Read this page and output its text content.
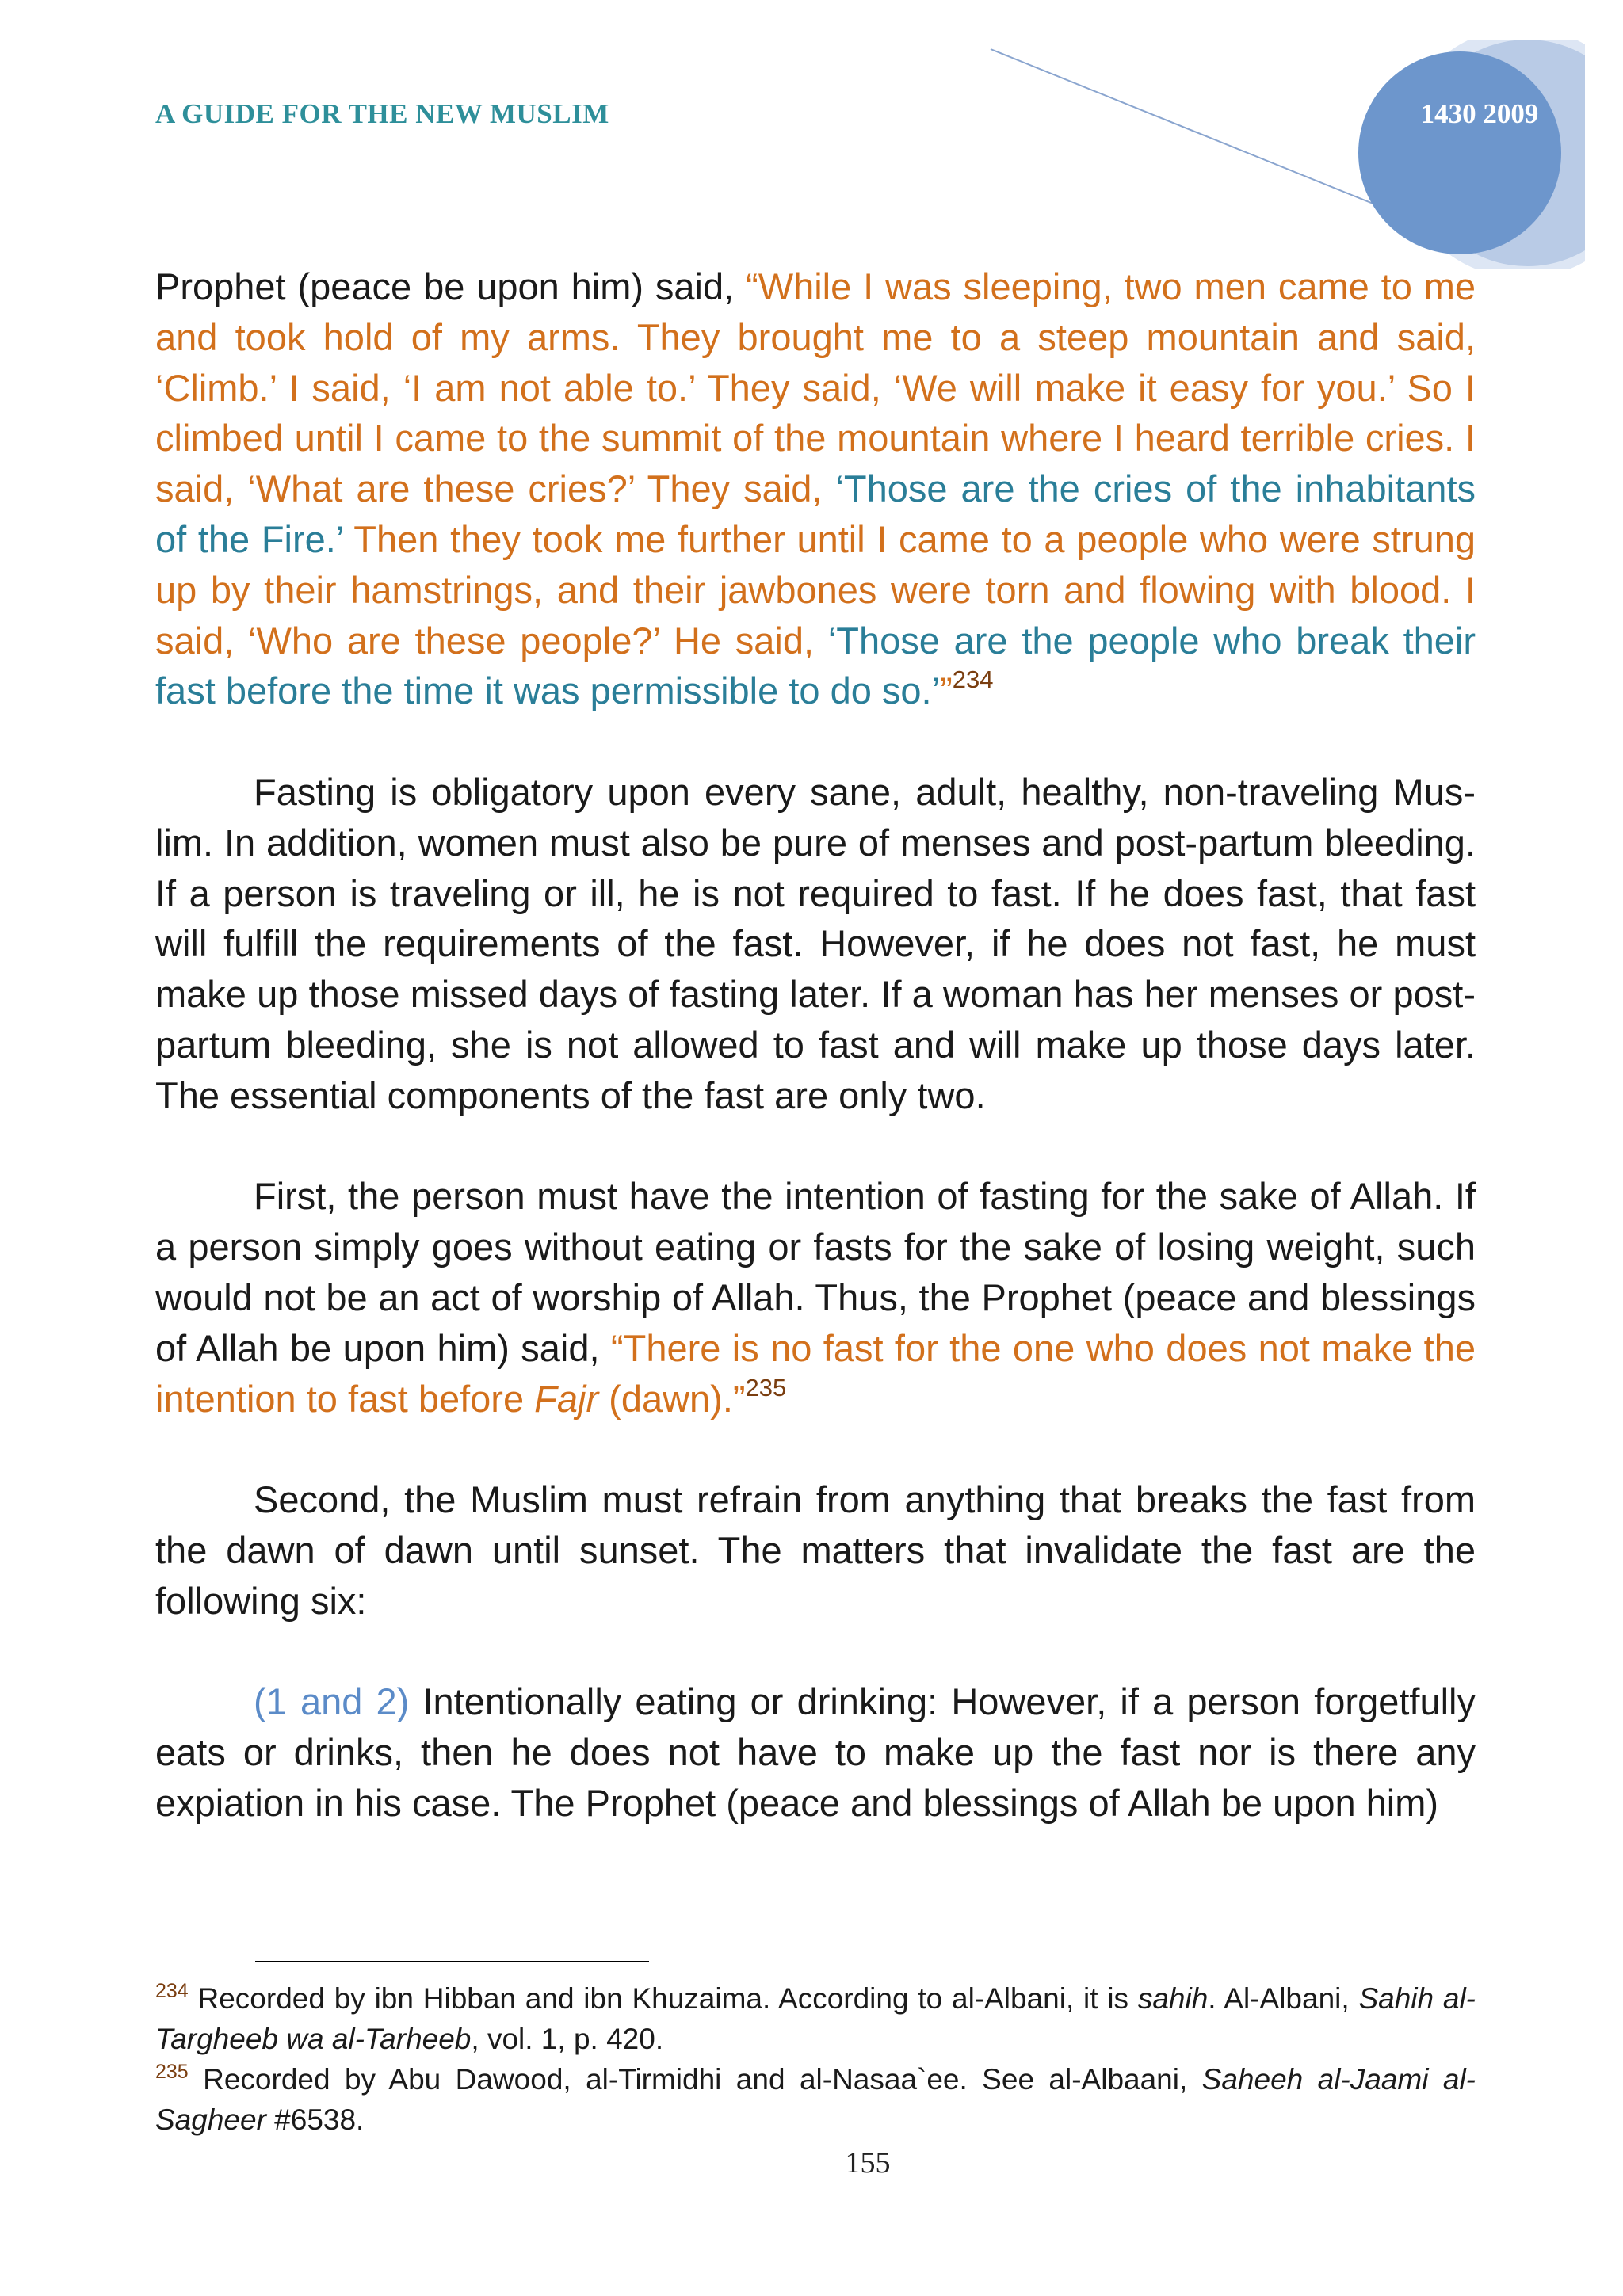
A GUIDE FOR THE NEW MUSLIM	1430 2009

Prophet (peace be upon him) said, “While I was sleeping, two men came to me and took hold of my arms. They brought me to a steep mountain and said, ‘Climb.’ I said, ‘I am not able to.’ They said, ‘We will make it easy for you.’ So I climbed until I came to the summit of the mountain where I heard terrible cries. I said, ‘What are these cries?’ They said, ‘Those are the cries of the inhabitants of the Fire.’ Then they took me further until I came to a people who were strung up by their hamstrings, and their jawbones were torn and flowing with blood. I said, ‘Who are these people?’ He said, ‘Those are the people who break their fast before the time it was permissible to do so.’”$^{234}$

Fasting is obligatory upon every sane, adult, healthy, non-traveling Muslim. In addition, women must also be pure of menses and post-partum bleeding. If a person is traveling or ill, he is not required to fast. If he does fast, that fast will fulfill the requirements of the fast. However, if he does not fast, he must make up those missed days of fasting later. If a woman has her menses or post-partum bleeding, she is not allowed to fast and will make up those days later. The essential components of the fast are only two.

First, the person must have the intention of fasting for the sake of Allah. If a person simply goes without eating or fasts for the sake of losing weight, such would not be an act of worship of Allah. Thus, the Prophet (peace and blessings of Allah be upon him) said, “There is no fast for the one who does not make the intention to fast before Fajr (dawn).”$^{235}$

Second, the Muslim must refrain from anything that breaks the fast from the dawn of dawn until sunset. The matters that invalidate the fast are the following six:

(1 and 2) Intentionally eating or drinking: However, if a person forgetfully eats or drinks, then he does not have to make up the fast nor is there any expiation in his case. The Prophet (peace and blessings of Allah be upon him)

$^{234}$ Recorded by ibn Hibban and ibn Khuzaima. According to al-Albani, it is sahih. Al-Albani, Sahih al-Targheeb wa al-Tarheeb, vol. 1, p. 420.

$^{235}$ Recorded by Abu Dawood, al-Tirmidhi and al-Nasaa`ee. See al-Albaani, Saheeh al-Jaami al-Sagheer #6538.

155
